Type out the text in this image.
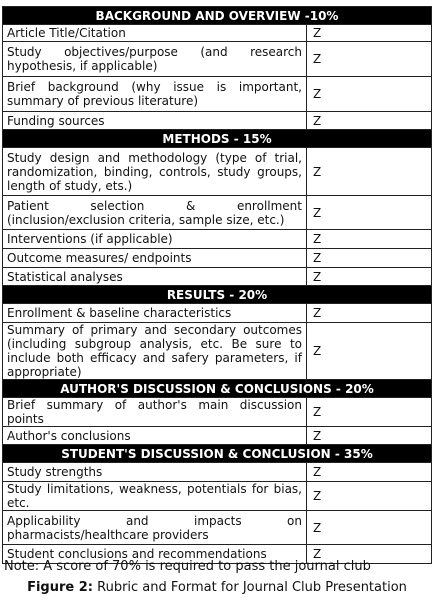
BACKGROUND AND OVERVIEW -10%	
Article Title/Citation	Z
Study objectives/purpose (and research hypothesis, if applicable)	Z
Brief background (why issue is important, summary of previous literature)	Z
Funding sources	Z
METHODS - 15%	
Study design and methodology (type of trial, randomization, binding, controls, study groups, length of study, ets.)	Z
Patient selection & enrollment (inclusion/exclusion criteria, sample size, etc.)	Z
Interventions (if applicable)	Z
Outcome measures/ endpoints	Z
Statistical analyses	Z
RESULTS - 20%	
Enrollment & baseline characteristics	Z
Summary of primary and secondary outcomes (including subgroup analysis, etc. Be sure to include both efficacy and safery parameters, if appropriate)	Z
AUTHOR'S DISCUSSION & CONCLUSIONS - 20%	
Brief summary of author's main discussion points	Z
Author's conclusions	Z
STUDENT'S DISCUSSION & CONCLUSION - 35%	
Study strengths	Z
Study limitations, weakness, potentials for bias, etc.	Z
Applicability and impacts on pharmacists/healthcare providers	Z
Student conclusions and recommendations	Z
Note: A score of 70% is required to pass the journal club
Figure 2: Rubric and Format for Journal Club Presentation
